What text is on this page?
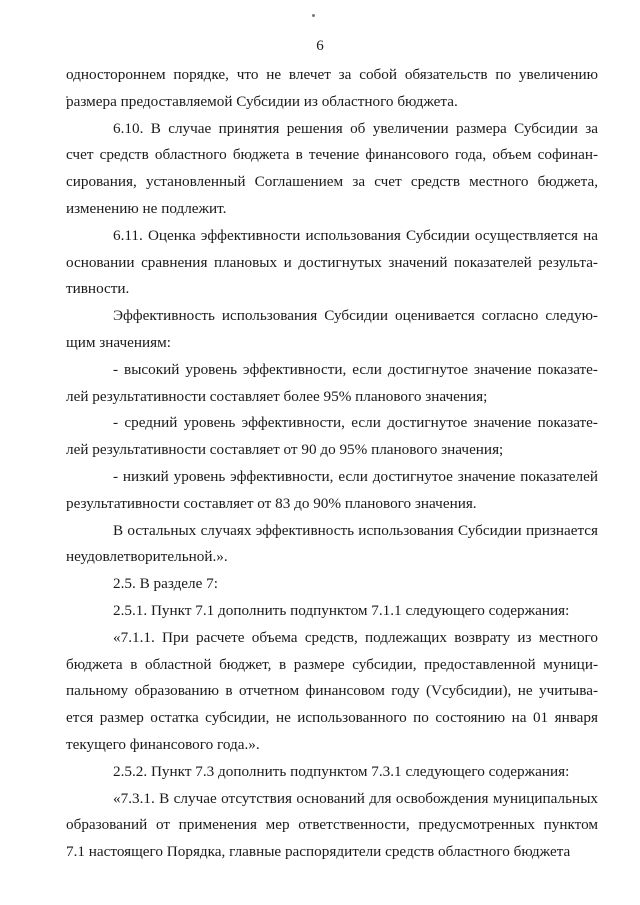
6

одностороннем порядке, что не влечет за собой обязательств по увеличению
размера предоставляемой Субсидии из областного бюджета.

6.10. В случае принятия решения об увеличении размера Субсидии за
счет средств областного бюджета в течение финансового года, объем софинан-
сирования, установленный Соглашением за счет средств местного бюджета,
изменению не подлежит.

6.11. Оценка эффективности использования Субсидии осуществляется на
основании сравнения плановых и достигнутых значений показателей результа-
тивности.

Эффективность использования Субсидии оценивается согласно следую-
щим значениям:

- высокий уровень эффективности, если достигнутое значение показате-
лей результативности составляет более 95% планового значения;

- средний уровень эффективности, если достигнутое значение показате-
лей результативности составляет от 90 до 95% планового значения;

- низкий уровень эффективности, если достигнутое значение показателей
результативности составляет от 83 до 90% планового значения.

В остальных случаях эффективность использования Субсидии признается
неудовлетворительной.».

2.5. В разделе 7:

2.5.1. Пункт 7.1 дополнить подпунктом 7.1.1 следующего содержания:

«7.1.1. При расчете объема средств, подлежащих возврату из местного
бюджета в областной бюджет, в размере субсидии, предоставленной муници-
пальному образованию в отчетном финансовом году (Vсубсидии), не учитыва-
ется размер остатка субсидии, не использованного по состоянию на 01 января
текущего финансового года.».

2.5.2. Пункт 7.3 дополнить подпунктом 7.3.1 следующего содержания:

«7.3.1. В случае отсутствия оснований для освобождения муниципальных
образований от применения мер ответственности, предусмотренных пунктом
7.1 настоящего Порядка, главные распорядители средств областного бюджета
